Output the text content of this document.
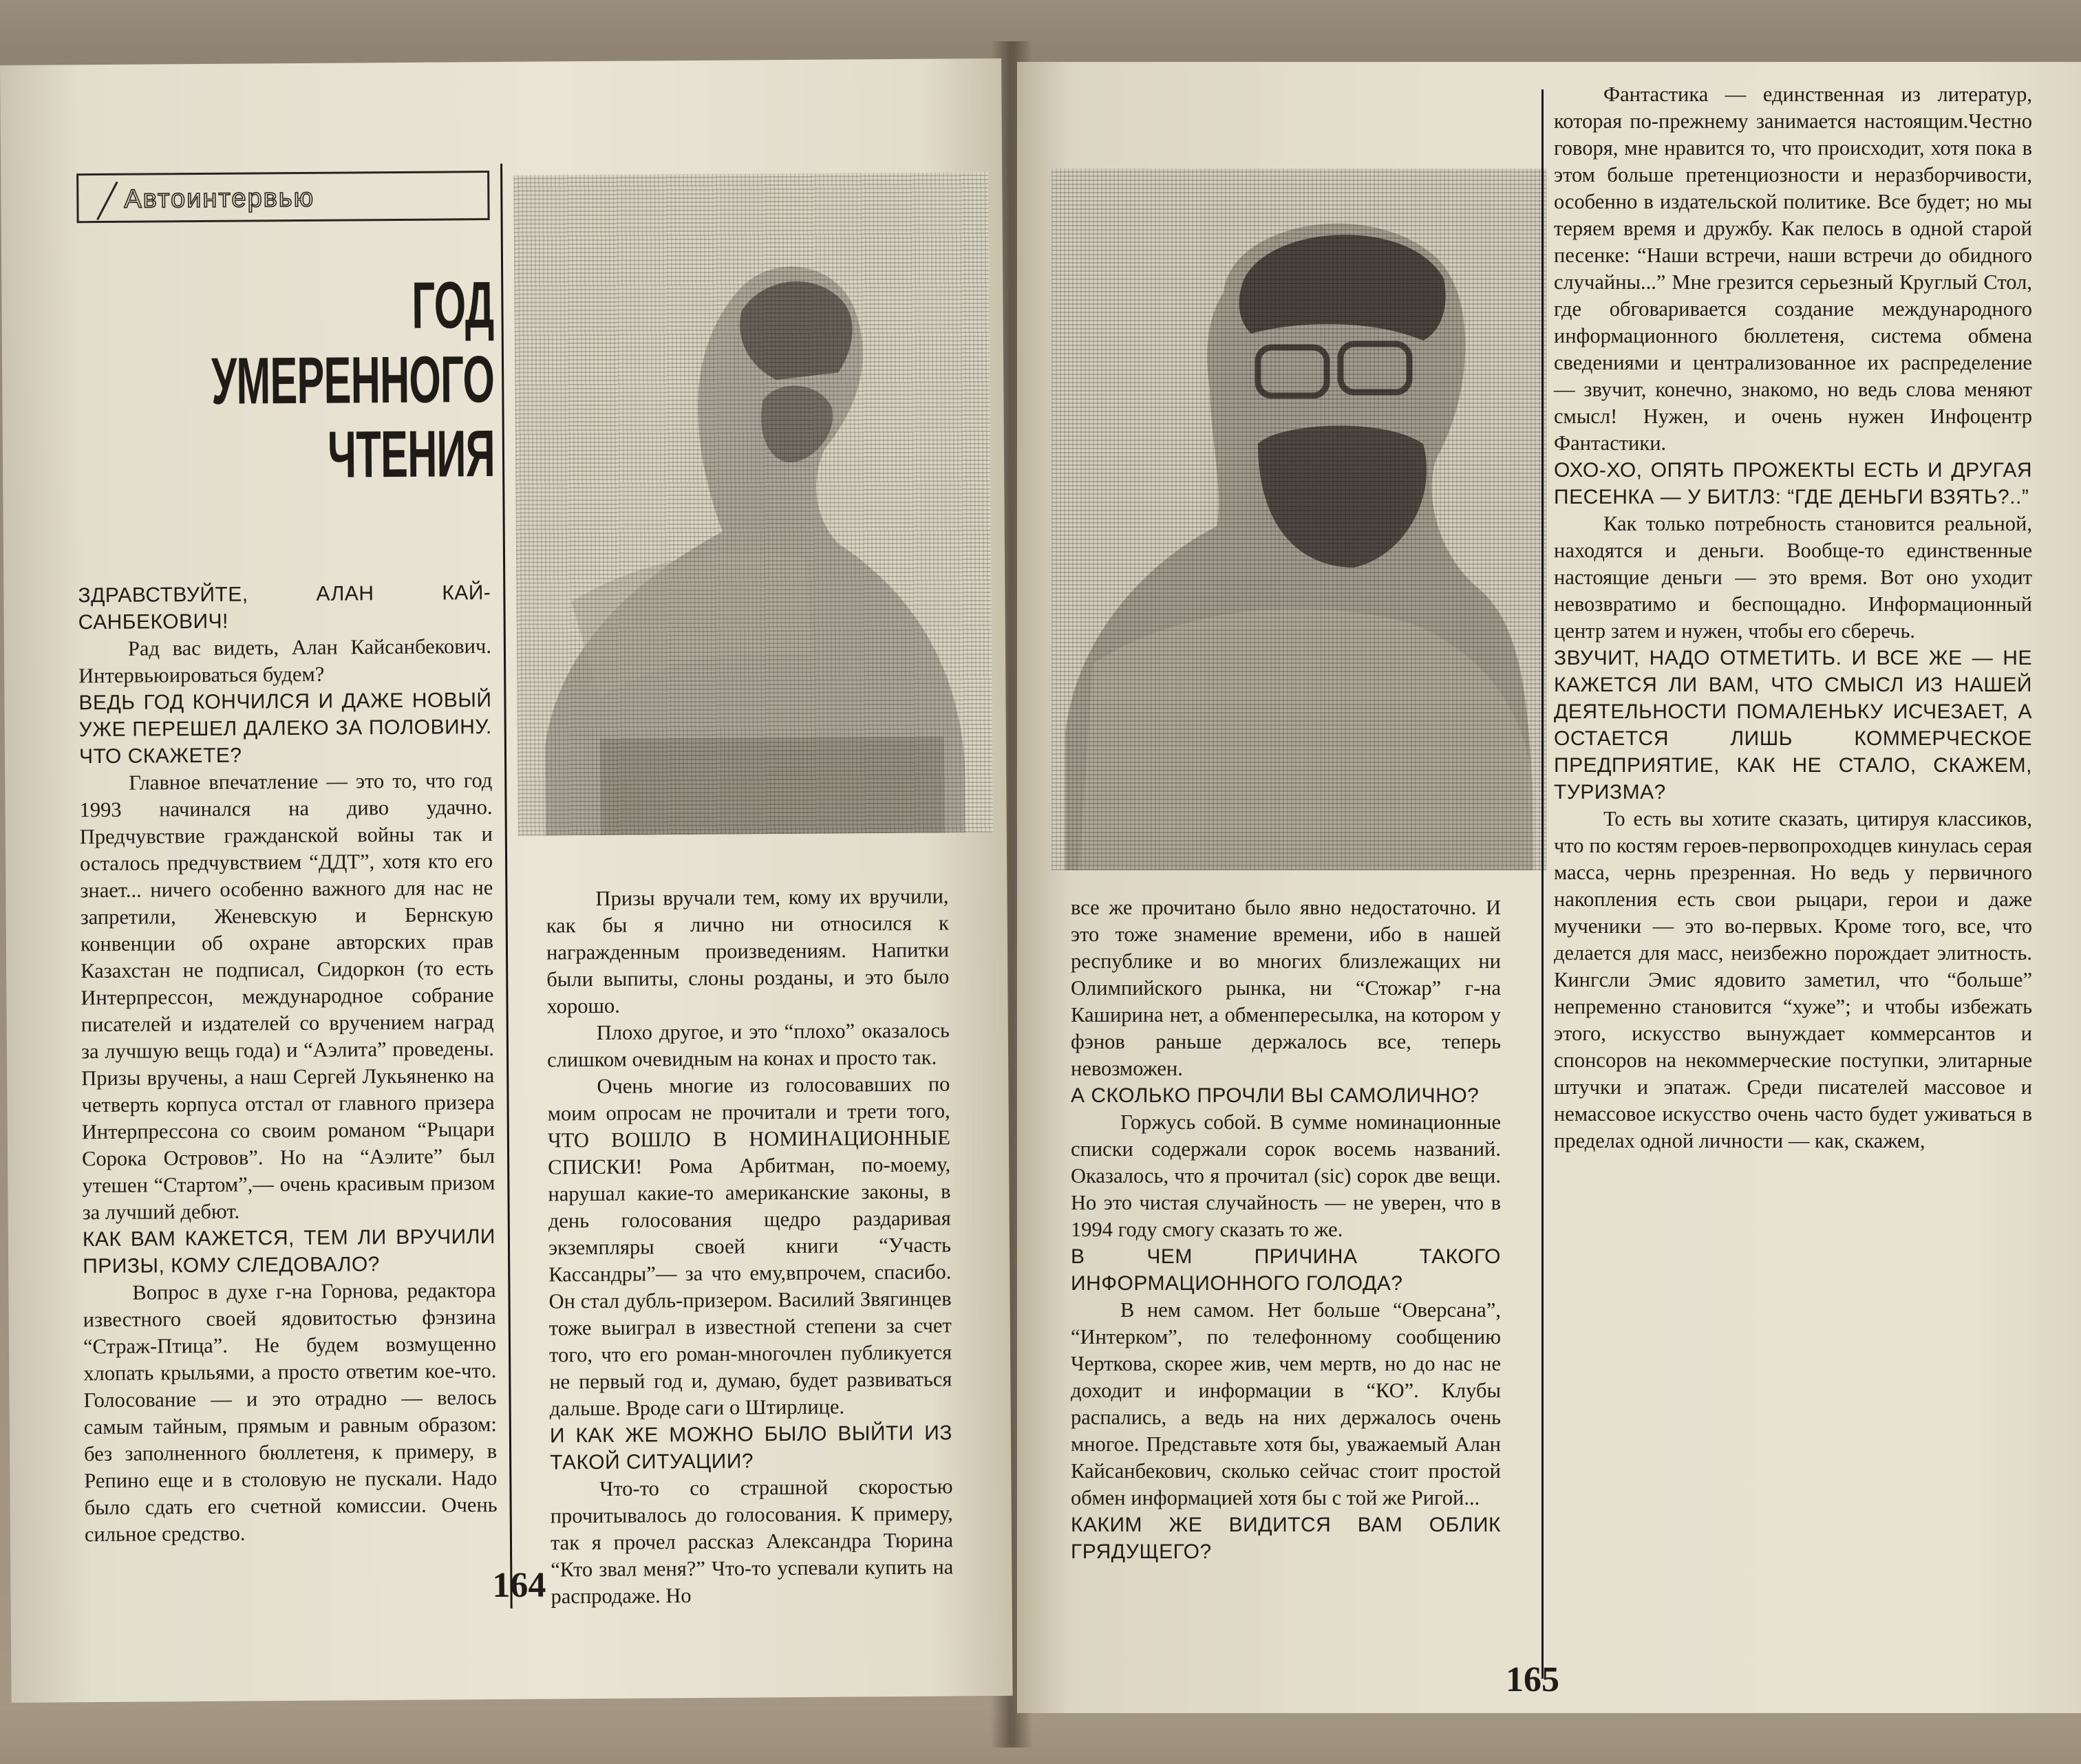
Автоинтервью
ГОД
УМЕРЕННОГО
ЧТЕНИЯ

ЗДРАВСТВУЙТЕ, АЛАН КАЙ-САНБЕКОВИЧ!

Рад вас видеть, Алан Кайсанбекович. Интервьюироваться будем?

ВЕДЬ ГОД КОНЧИЛСЯ И ДАЖЕ НОВЫЙ УЖЕ ПЕРЕШЕЛ ДАЛЕКО ЗА ПОЛОВИНУ. ЧТО СКАЖЕТЕ?

Главное впечатление — это то, что год 1993 начинался на диво удачно. Предчувствие гражданской войны так и осталось предчувствием “ДДТ”, хотя кто его знает... ничего особенно важного для нас не запретили, Женевскую и Бернскую конвенции об охране авторских прав Казахстан не подписал, Сидоркон (то есть Интерпрессон, международное собрание писателей и издателей со вручением наград за лучшую вещь года) и “Аэлита” проведены. Призы вручены, а наш Сергей Лукьяненко на четверть корпуса отстал от главного призера Интерпрессона со своим романом “Рыцари Сорока Островов”. Но на “Аэлите” был утешен “Стартом”,— очень красивым призом за лучший дебют.

КАК ВАМ КАЖЕТСЯ, ТЕМ ЛИ ВРУЧИЛИ ПРИЗЫ, КОМУ СЛЕДОВАЛО?

Вопрос в духе г-на Горнова, редактора известного своей ядовитостью фэнзина “Страж-Птица”. Не будем возмущенно хлопать крыльями, а просто ответим кое-что. Голосование — и это отрадно — велось самым тайным, прямым и равным образом: без заполненного бюллетеня, к примеру, в Репино еще и в столовую не пускали. Надо было сдать его счетной комиссии. Очень сильное средство.

Призы вручали тем, кому их вручили, как бы я лично ни относился к награжденным произведениям. Напитки были выпиты, слоны розданы, и это было хорошо.

Плохо другое, и это “плохо” оказалось слишком очевидным на конах и просто так.

Очень многие из голосовавших по моим опросам не прочитали и трети того, ЧТО ВОШЛО В НОМИНАЦИОННЫЕ СПИСКИ! Рома Арбитман, по-моему, нарушал какие-то американские законы, в день голосования щедро раздаривая экземпляры своей книги “Участь Кассандры”— за что ему,впрочем, спасибо. Он стал дубль-призером. Василий Звягинцев тоже выиграл в известной степени за счет того, что его роман-многочлен публикуется не первый год и, думаю, будет развиваться дальше. Вроде саги о Штирлице.

И КАК ЖЕ МОЖНО БЫЛО ВЫЙТИ ИЗ ТАКОЙ СИТУАЦИИ?

Что-то со страшной скоростью прочитывалось до голосования. К примеру, так я прочел рассказ Александра Тюрина “Кто звал меня?” Что-то успевали купить на распродаже. Но

164

все же прочитано было явно недостаточно. И это тоже знамение времени, ибо в нашей республике и во многих близлежащих ни Олимпийского рынка, ни “Стожар” г-на Каширина нет, а обменпересылка, на котором у фэнов раньше держалось все, теперь невозможен.

А СКОЛЬКО ПРОЧЛИ ВЫ САМОЛИЧНО?

Горжусь собой. В сумме номинационные списки содержали сорок восемь названий. Оказалось, что я прочитал (sic) сорок две вещи. Но это чистая случайность — не уверен, что в 1994 году смогу сказать то же.

В ЧЕМ ПРИЧИНА ТАКОГО ИНФОРМАЦИОННОГО ГОЛОДА?

В нем самом. Нет больше “Оверсана”, “Интерком”, по телефонному сообщению Черткова, скорее жив, чем мертв, но до нас не доходит и информации в “КО”. Клубы распались, а ведь на них держалось очень многое. Представьте хотя бы, уважаемый Алан Кайсанбекович, сколько сейчас стоит простой обмен информацией хотя бы с той же Ригой...

КАКИМ ЖЕ ВИДИТСЯ ВАМ ОБЛИК ГРЯДУЩЕГО?

Фантастика — единственная из литератур, которая по-прежнему занимается настоящим.Честно говоря, мне нравится то, что происходит, хотя пока в этом больше претенциозности и неразборчивости, особенно в издательской политике. Все будет; но мы теряем время и дружбу. Как пелось в одной старой песенке: “Наши встречи, наши встречи до обидного случайны...” Мне грезится серьезный Круглый Стол, где обговаривается создание международного информационного бюллетеня, система обмена сведениями и централизованное их распределение — звучит, конечно, знакомо, но ведь слова меняют смысл! Нужен, и очень нужен Инфоцентр Фантастики.

ОХО-ХО, ОПЯТЬ ПРОЖЕКТЫ ЕСТЬ И ДРУГАЯ ПЕСЕНКА — У БИТЛЗ: “ГДЕ ДЕНЬГИ ВЗЯТЬ?..”

Как только потребность становится реальной, находятся и деньги. Вообще-то единственные настоящие деньги — это время. Вот оно уходит невозвратимо и беспощадно. Информационный центр затем и нужен, чтобы его сберечь.

ЗВУЧИТ, НАДО ОТМЕТИТЬ. И ВСЕ ЖЕ — НЕ КАЖЕТСЯ ЛИ ВАМ, ЧТО СМЫСЛ ИЗ НАШЕЙ ДЕЯТЕЛЬНОСТИ ПОМАЛЕНЬКУ ИСЧЕЗАЕТ, А ОСТАЕТСЯ ЛИШЬ КОММЕРЧЕСКОЕ ПРЕДПРИЯТИЕ, КАК НЕ СТАЛО, СКАЖЕМ, ТУРИЗМА?

То есть вы хотите сказать, цитируя классиков, что по костям героев-первопроходцев кинулась серая масса, чернь презренная. Но ведь у первичного накопления есть свои рыцари, герои и даже мученики — это во-первых. Кроме того, все, что делается для масс, неизбежно порождает элитность. Кингсли Эмис ядовито заметил, что “больше” непременно становится “хуже”; и чтобы избежать этого, искусство вынуждает коммерсантов и спонсоров на некоммерческие поступки, элитарные штучки и эпатаж. Среди писателей массовое и немассовое искусство очень часто будет уживаться в пределах одной личности — как, скажем,

165
